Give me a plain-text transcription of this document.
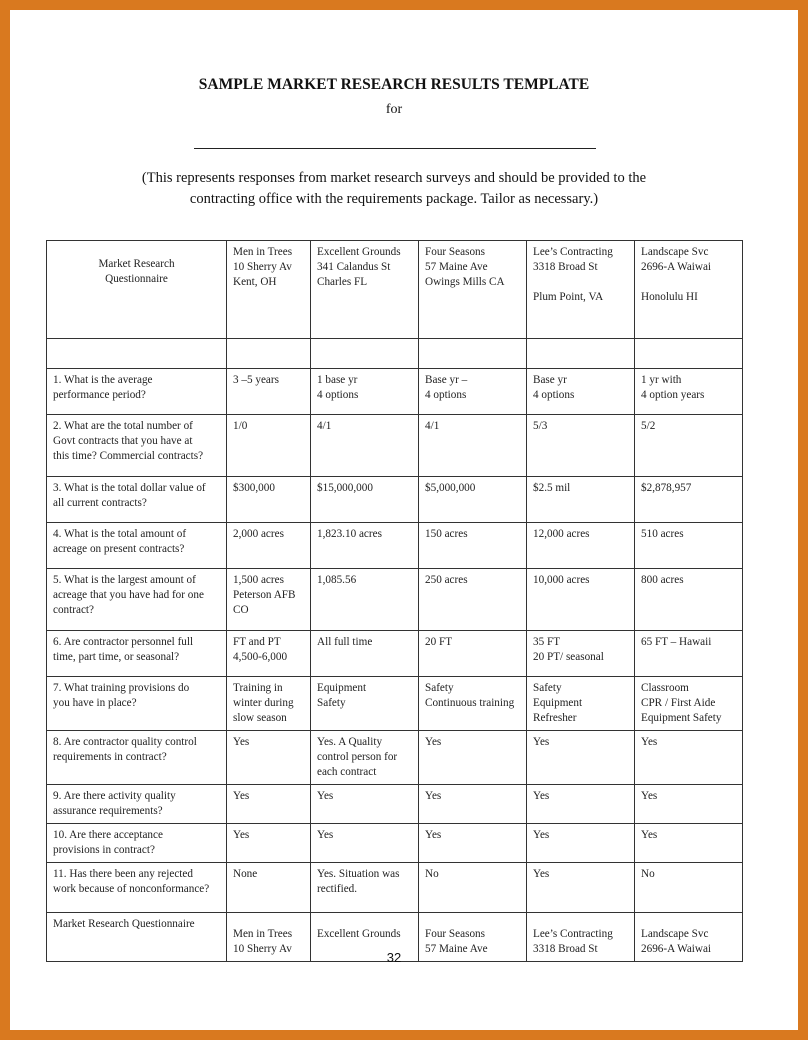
SAMPLE MARKET RESEARCH RESULTS TEMPLATE
for
(This represents responses from market research surveys and should be provided to the
contracting office with the requirements package. Tailor as necessary.)
Market Research
Questionnaire	Men in Trees
10 Sherry Av
Kent, OH	Excellent Grounds
341 Calandus St
Charles FL	Four Seasons
57 Maine Ave
Owings Mills CA	Lee’s Contracting
3318 Broad St

Plum Point, VA	Landscape Svc
2696-A Waiwai

Honolulu HI

1. What is the average
performance period?	3 –5 years	1 base yr
4 options	Base yr –
4 options	Base yr
4 options	1 yr with
4 option years

2. What are the total number of
Govt contracts that you have at
this time? Commercial contracts?	1/0	4/1	4/1	5/3	5/2

3. What is the total dollar value of
all current contracts?	$300,000	$15,000,000	$5,000,000	$2.5 mil	$2,878,957

4. What is the total amount of
acreage on present contracts?	2,000 acres	1,823.10 acres	150 acres	12,000 acres	510 acres

5. What is the largest amount of
acreage that you have had for one
contract?	1,500 acres
Peterson AFB
CO	1,085.56	250 acres	10,000 acres	800 acres

6. Are contractor personnel full
time, part time, or seasonal?	FT and PT
4,500-6,000	All full time	20 FT	35 FT
20 PT/ seasonal	65 FT – Hawaii

7. What training provisions do
you have in place?	Training in
winter during
slow season	Equipment
Safety	Safety
Continuous training	Safety
Equipment
Refresher	Classroom
CPR / First Aide
Equipment Safety

8. Are contractor quality control
requirements in contract?	Yes	Yes. A Quality
control person for
each contract	Yes	Yes	Yes

9. Are there activity quality
assurance requirements?	Yes	Yes	Yes	Yes	Yes

10. Are there acceptance
provisions in contract?	Yes	Yes	Yes	Yes	Yes

11. Has there been any rejected
work because of nonconformance?	None	Yes. Situation was
rectified.	No	Yes	No

Market Research Questionnaire	Men in Trees
10 Sherry Av	Excellent Grounds	Four Seasons
57 Maine Ave	Lee’s Contracting
3318 Broad St	Landscape Svc
2696-A Waiwai
32
